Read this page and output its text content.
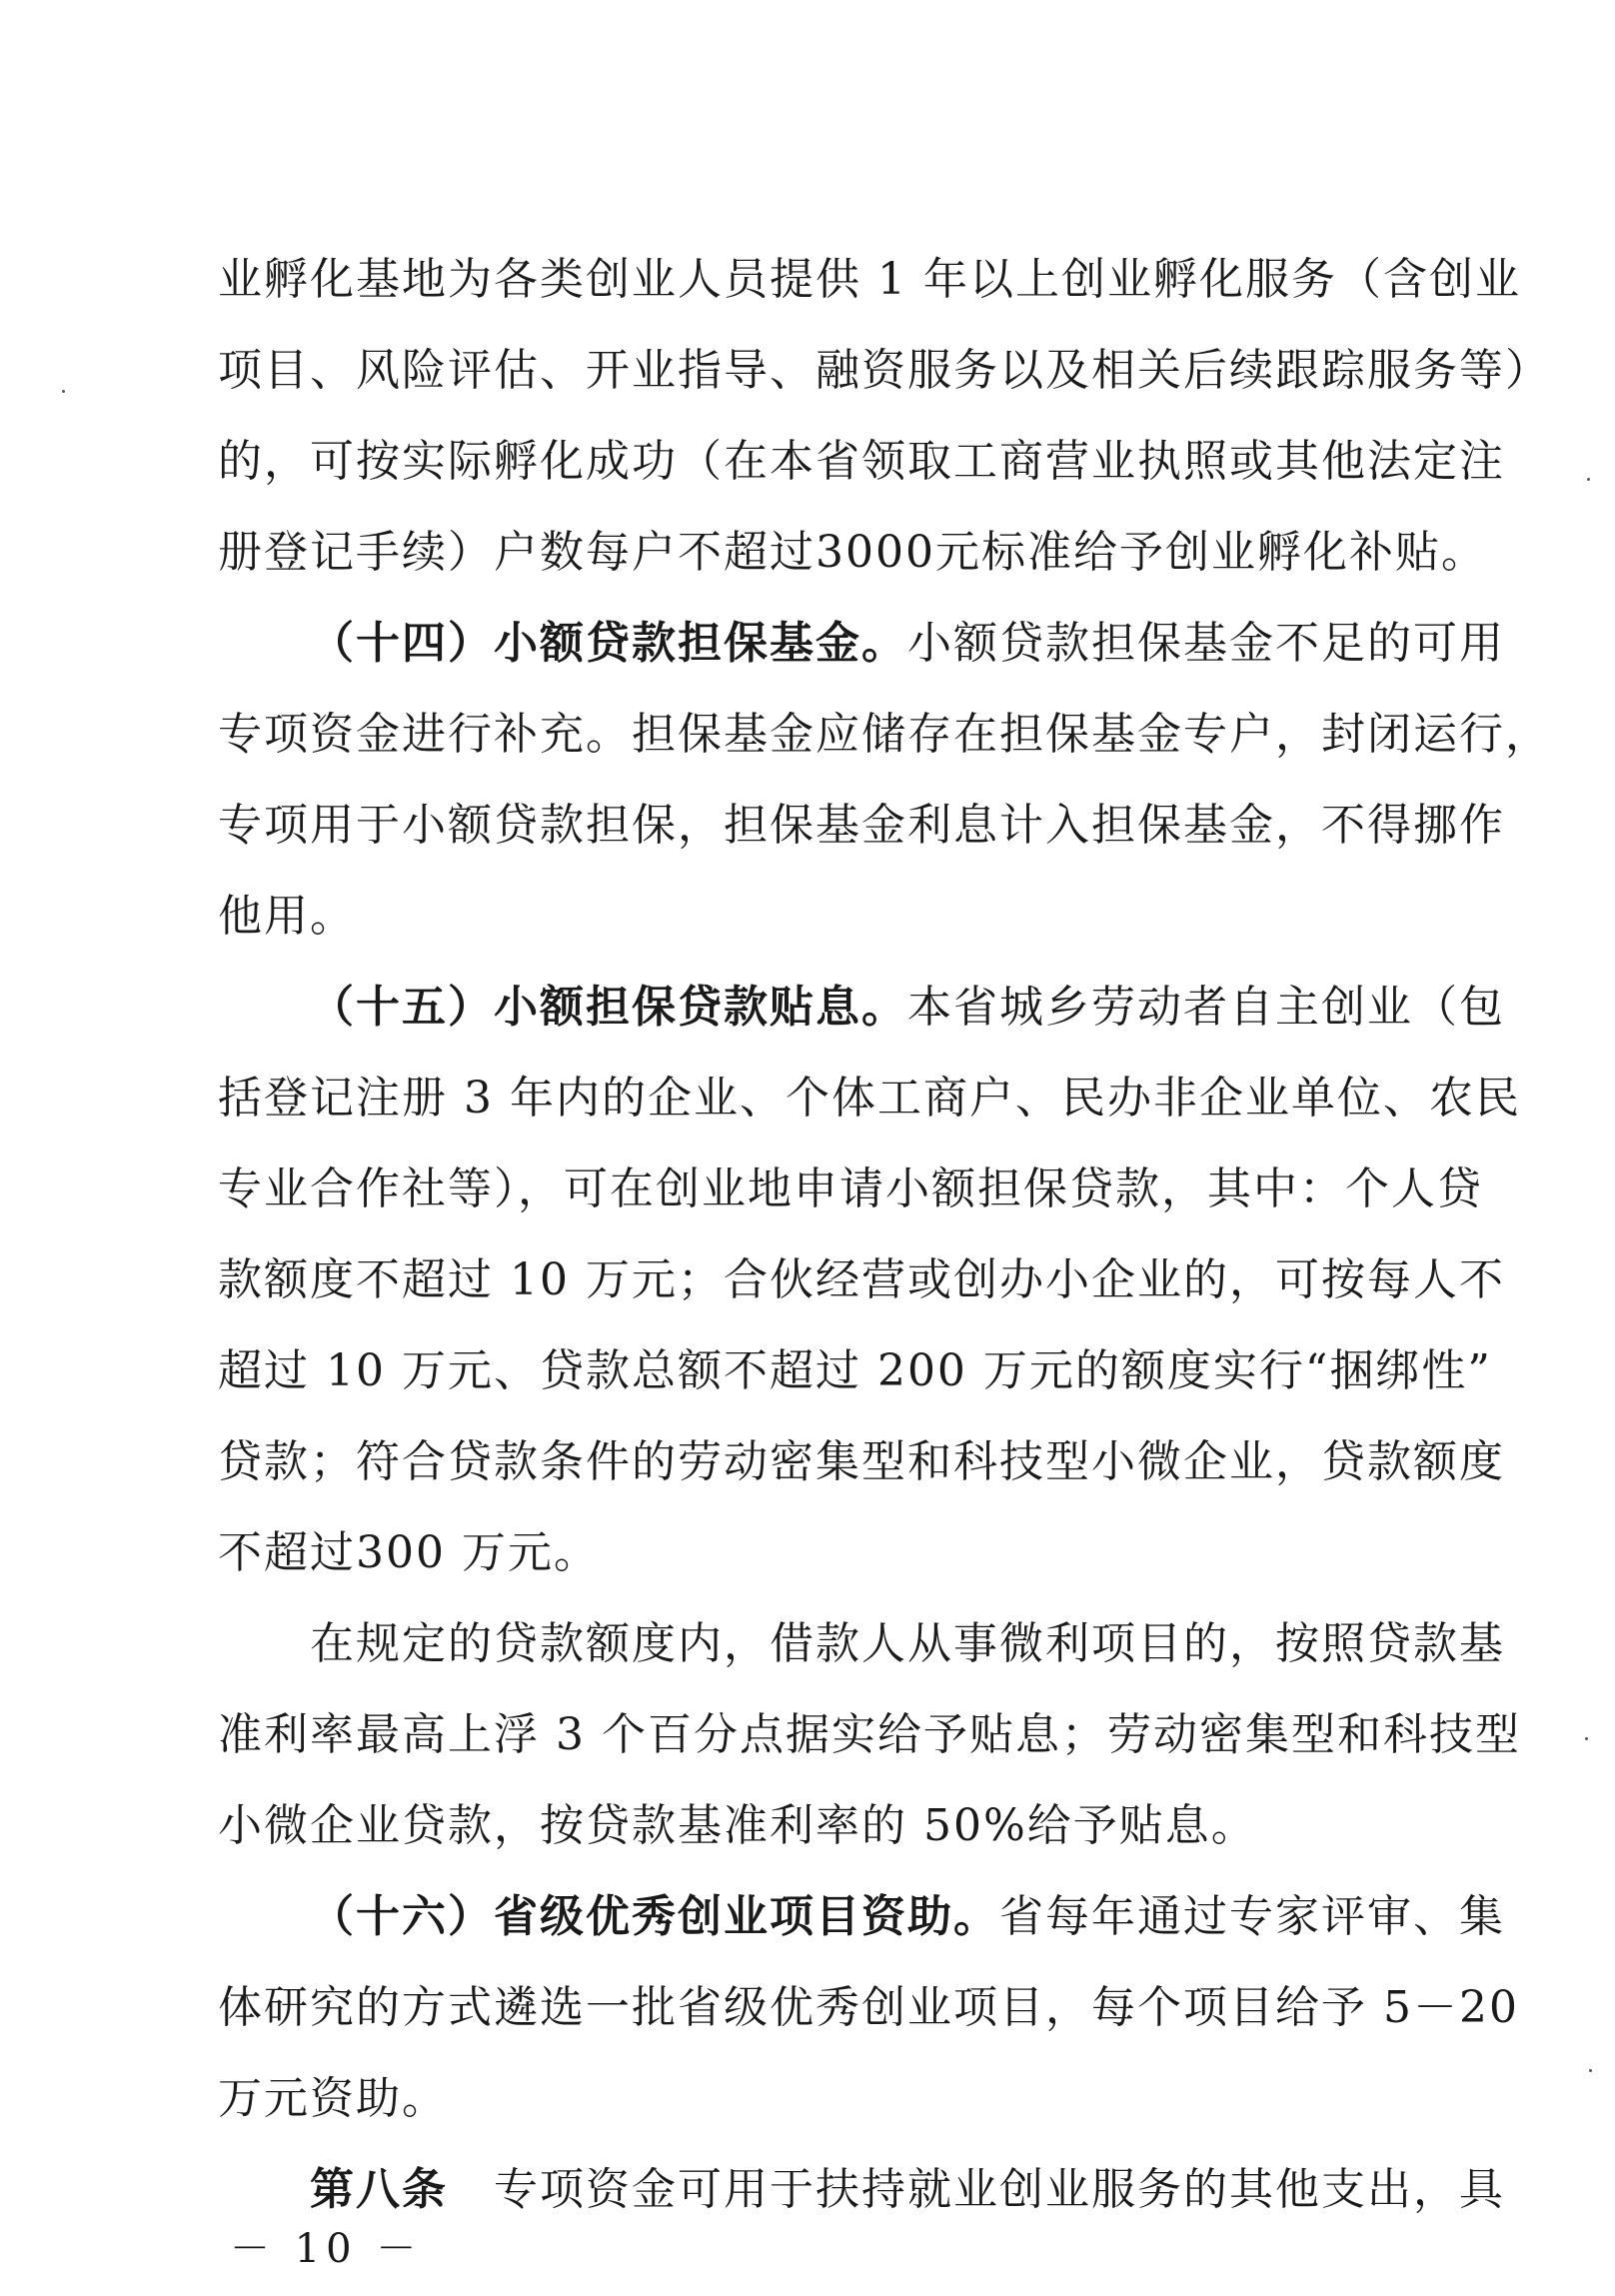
业孵化基地为各类创业人员提供 1 年以上创业孵化服务（含创业
项目、风险评估、开业指导、融资服务以及相关后续跟踪服务等）
的，可按实际孵化成功（在本省领取工商营业执照或其他法定注
册登记手续）户数每户不超过3000元标准给予创业孵化补贴。
（十四）小额贷款担保基金。小额贷款担保基金不足的可用
专项资金进行补充。担保基金应储存在担保基金专户，封闭运行，
专项用于小额贷款担保，担保基金利息计入担保基金，不得挪作
他用。
（十五）小额担保贷款贴息。本省城乡劳动者自主创业（包
括登记注册 3 年内的企业、个体工商户、民办非企业单位、农民
专业合作社等），可在创业地申请小额担保贷款，其中：个人贷
款额度不超过 10 万元；合伙经营或创办小企业的，可按每人不
超过 10 万元、贷款总额不超过 200 万元的额度实行“捆绑性”
贷款；符合贷款条件的劳动密集型和科技型小微企业，贷款额度
不超过300 万元。
在规定的贷款额度内，借款人从事微利项目的，按照贷款基
准利率最高上浮 3 个百分点据实给予贴息；劳动密集型和科技型
小微企业贷款，按贷款基准利率的 50%给予贴息。
（十六）省级优秀创业项目资助。省每年通过专家评审、集
体研究的方式遴选一批省级优秀创业项目，每个项目给予 5－20
万元资助。
第八条　专项资金可用于扶持就业创业服务的其他支出，具
－ 10 －
